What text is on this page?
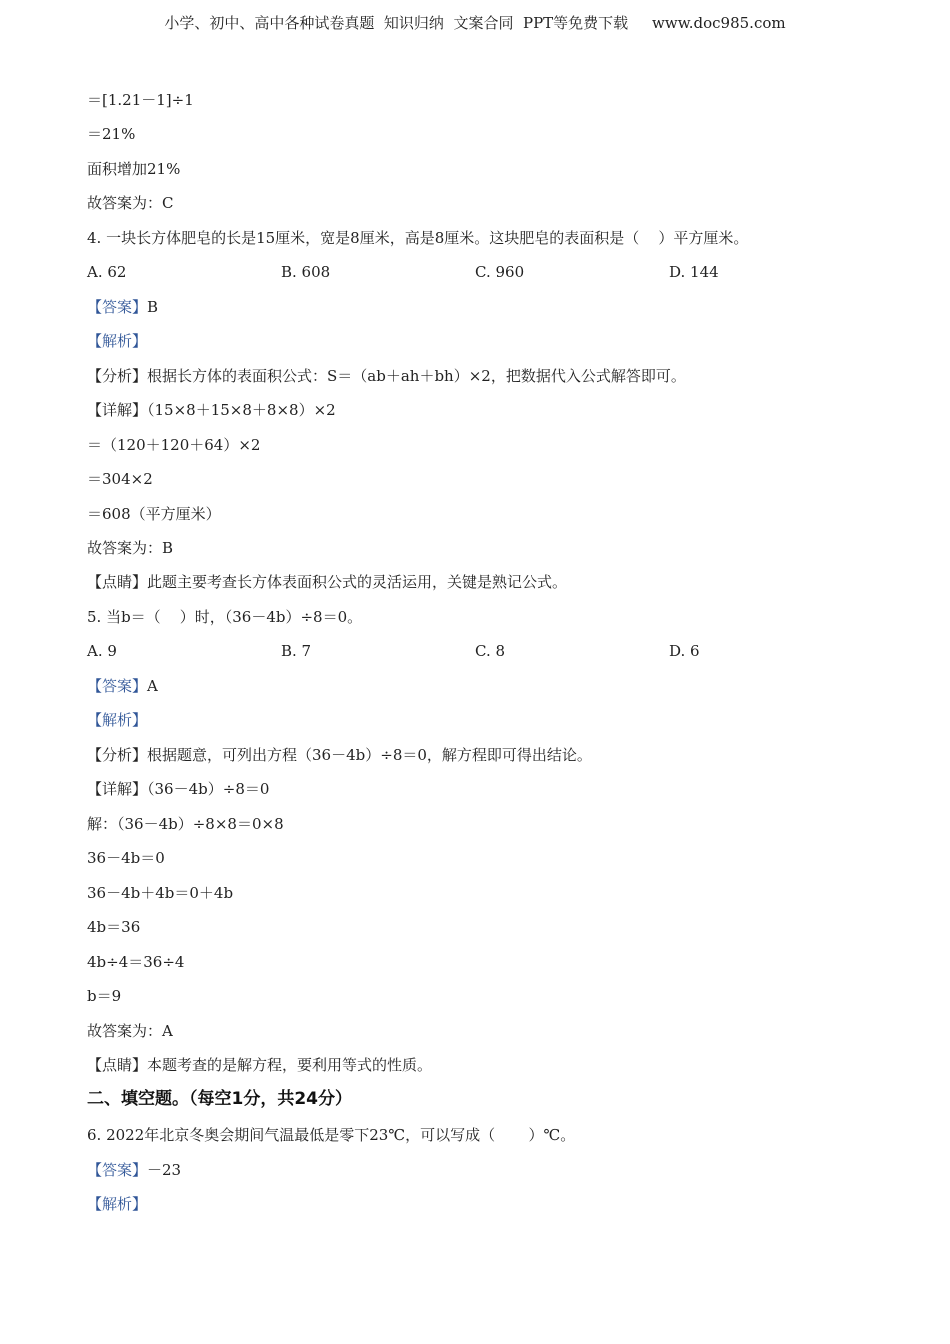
小学、初中、高中各种试卷真题  知识归纳  文案合同  PPT等免费下载     www.doc985.com
＝[1.21－1]÷1
＝21%
面积增加21%
故答案为：C
4. 一块长方体肥皂的长是15厘米，宽是8厘米，高是8厘米。这块肥皂的表面积是（    ）平方厘米。
A. 62	B. 608	C. 960	D. 144
【答案】B
【解析】
【分析】根据长方体的表面积公式：S＝（ab＋ah＋bh）×2，把数据代入公式解答即可。
【详解】（15×8＋15×8＋8×8）×2
＝（120＋120＋64）×2
＝304×2
＝608（平方厘米）
故答案为：B
【点睛】此题主要考查长方体表面积公式的灵活运用，关键是熟记公式。
5. 当b＝（    ）时，（36－4b）÷8＝0。
A. 9	B. 7	C. 8	D. 6
【答案】A
【解析】
【分析】根据题意，可列出方程（36－4b）÷8＝0，解方程即可得出结论。
【详解】（36－4b）÷8＝0
解：（36－4b）÷8×8＝0×8
36－4b＝0
36－4b＋4b＝0＋4b
4b＝36
4b÷4＝36÷4
b＝9
故答案为：A
【点睛】本题考查的是解方程，要利用等式的性质。
二、填空题。（每空1分，共24分）
6. 2022年北京冬奥会期间气温最低是零下23℃，可以写成（       ）℃。
【答案】－23
【解析】
